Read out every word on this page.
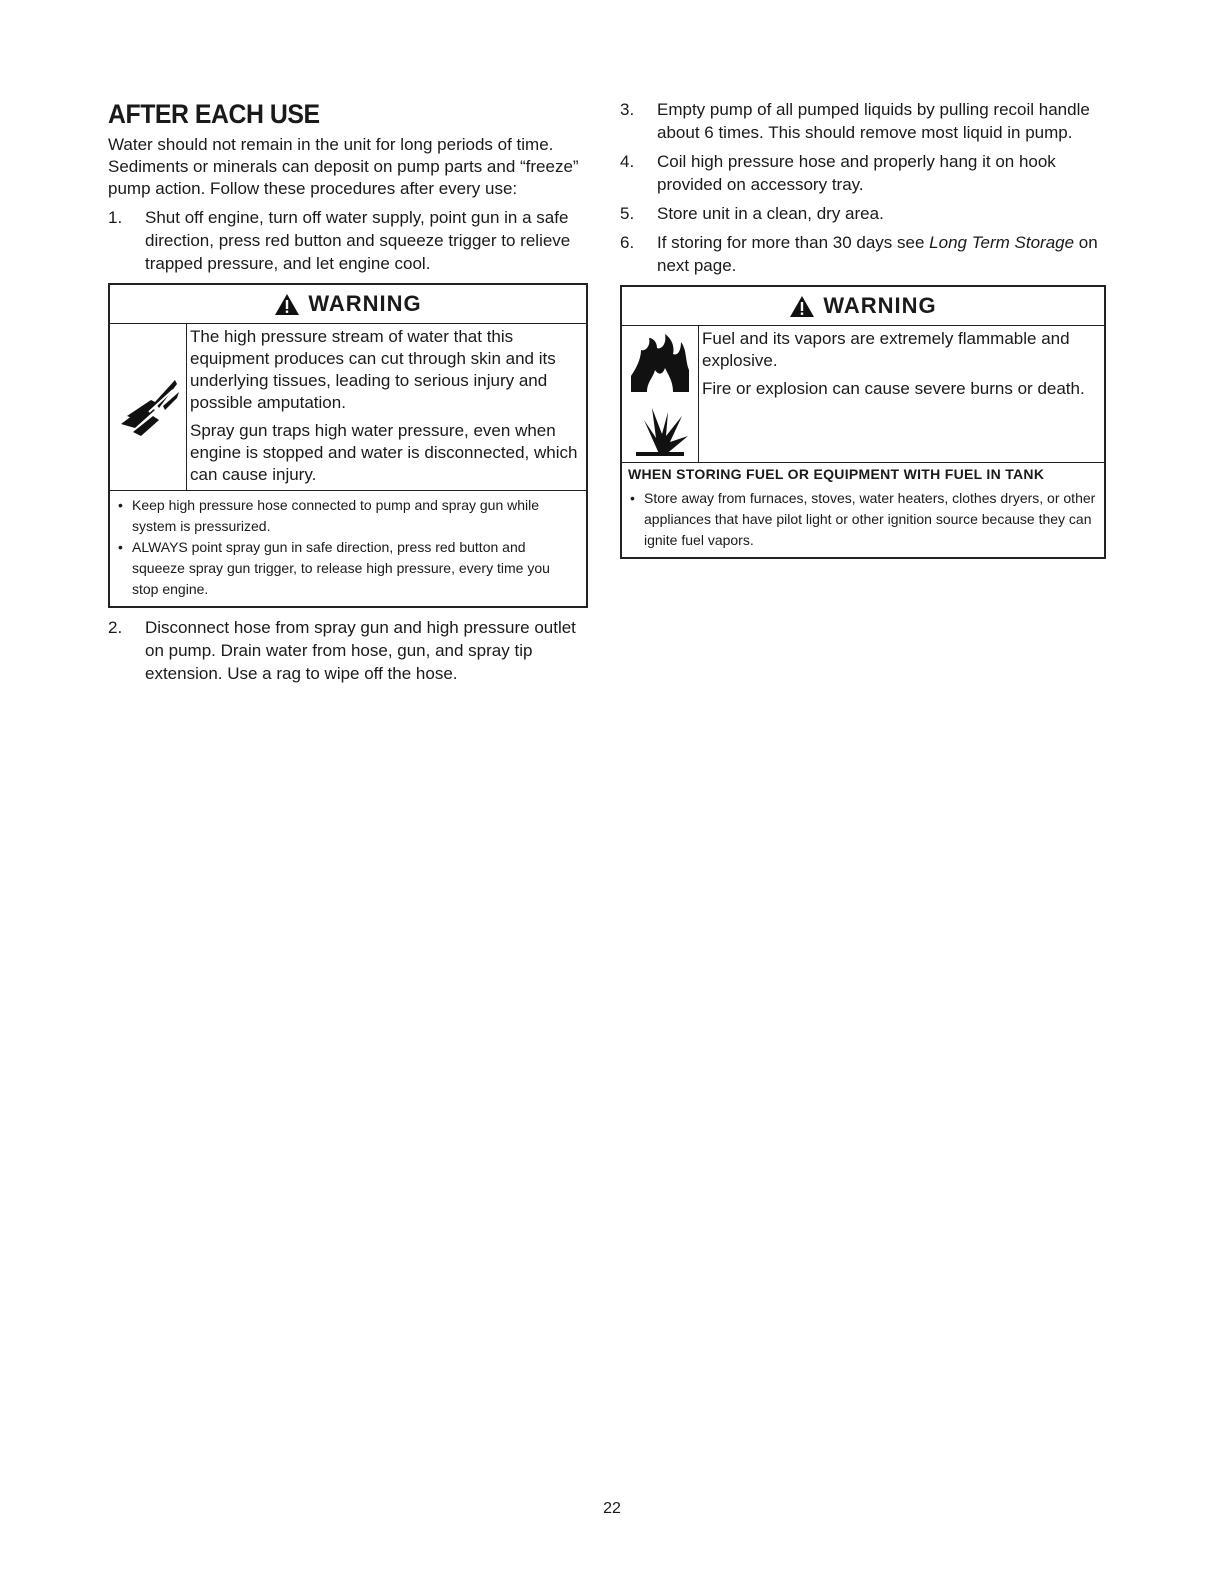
AFTER EACH USE

Water should not remain in the unit for long periods of time. Sediments or minerals can deposit on pump parts and “freeze” pump action. Follow these procedures after every use:

1. Shut off engine, turn off water supply, point gun in a safe direction, press red button and squeeze trigger to relieve trapped pressure, and let engine cool.
WARNING

The high pressure stream of water that this equipment produces can cut through skin and its underlying tissues, leading to serious injury and possible amputation.

Spray gun traps high water pressure, even when engine is stopped and water is disconnected, which can cause injury.

• Keep high pressure hose connected to pump and spray gun while system is pressurized.
• ALWAYS point spray gun in safe direction, press red button and squeeze spray gun trigger, to release high pressure, every time you stop engine.
2. Disconnect hose from spray gun and high pressure outlet on pump. Drain water from hose, gun, and spray tip extension. Use a rag to wipe off the hose.
3. Empty pump of all pumped liquids by pulling recoil handle about 6 times. This should remove most liquid in pump.
4. Coil high pressure hose and properly hang it on hook provided on accessory tray.
5. Store unit in a clean, dry area.
6. If storing for more than 30 days see Long Term Storage on next page.
WARNING

Fuel and its vapors are extremely flammable and explosive.

Fire or explosion can cause severe burns or death.

WHEN STORING FUEL OR EQUIPMENT WITH FUEL IN TANK
• Store away from furnaces, stoves, water heaters, clothes dryers, or other appliances that have pilot light or other ignition source because they can ignite fuel vapors.
22
